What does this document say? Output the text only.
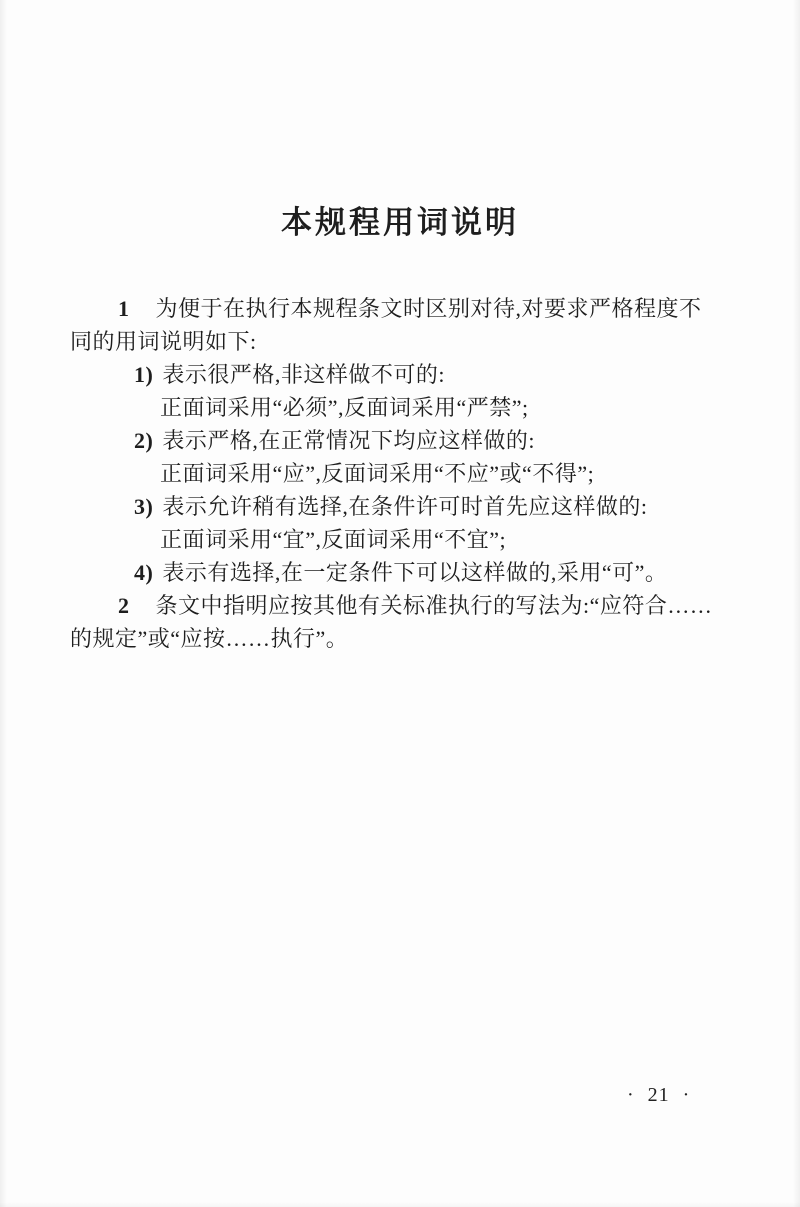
本规程用词说明
1 为便于在执行本规程条文时区别对待,对要求严格程度不
同的用词说明如下:
1) 表示很严格,非这样做不可的:
正面词采用“必须”,反面词采用“严禁”;
2) 表示严格,在正常情况下均应这样做的:
正面词采用“应”,反面词采用“不应”或“不得”;
3) 表示允许稍有选择,在条件许可时首先应这样做的:
正面词采用“宜”,反面词采用“不宜”;
4) 表示有选择,在一定条件下可以这样做的,采用“可”。
2 条文中指明应按其他有关标准执行的写法为:“应符合……
的规定”或“应按……执行”。
· 21 ·
